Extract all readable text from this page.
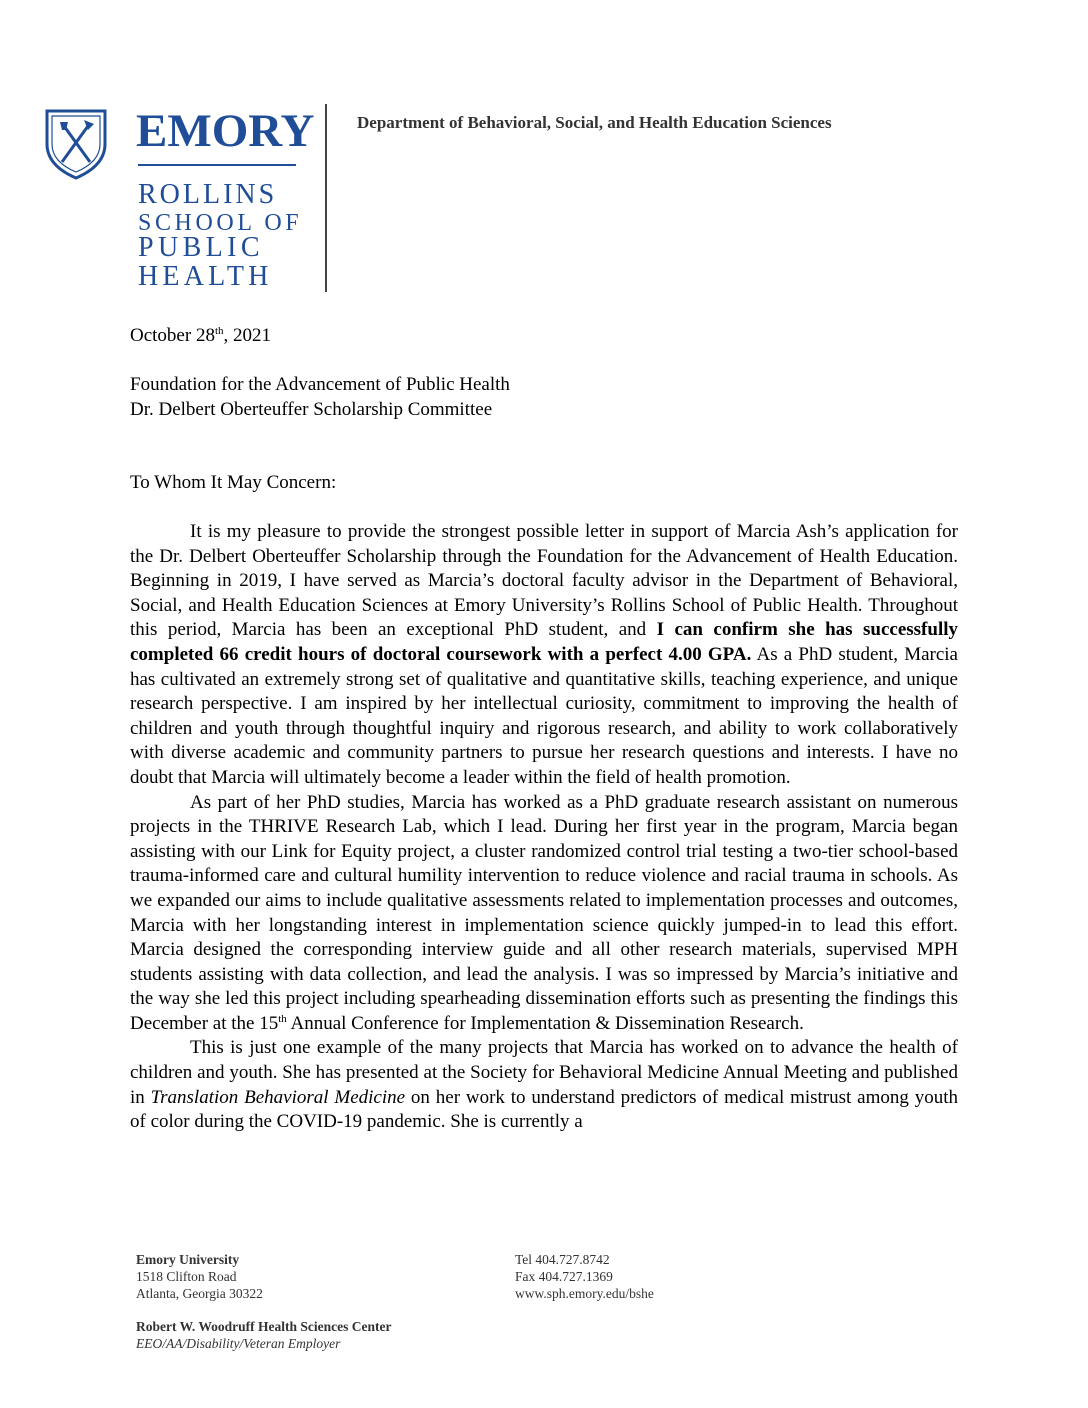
EMORY

ROLLINS

SCHOOL OF

PUBLIC

HEALTH

Department of Behavioral, Social, and Health Education Sciences

October 28th, 2021

Foundation for the Advancement of Public Health
Dr. Delbert Oberteuffer Scholarship Committee

To Whom It May Concern:

It is my pleasure to provide the strongest possible letter in support of Marcia Ash’s application for the Dr. Delbert Oberteuffer Scholarship through the Foundation for the Advancement of Health Education. Beginning in 2019, I have served as Marcia’s doctoral faculty advisor in the Department of Behavioral, Social, and Health Education Sciences at Emory University’s Rollins School of Public Health. Throughout this period, Marcia has been an exceptional PhD student, and I can confirm she has successfully completed 66 credit hours of doctoral coursework with a perfect 4.00 GPA. As a PhD student, Marcia has cultivated an extremely strong set of qualitative and quantitative skills, teaching experience, and unique research perspective. I am inspired by her intellectual curiosity, commitment to improving the health of children and youth through thoughtful inquiry and rigorous research, and ability to work collaboratively with diverse academic and community partners to pursue her research questions and interests. I have no doubt that Marcia will ultimately become a leader within the field of health promotion.

As part of her PhD studies, Marcia has worked as a PhD graduate research assistant on numerous projects in the THRIVE Research Lab, which I lead. During her first year in the program, Marcia began assisting with our Link for Equity project, a cluster randomized control trial testing a two-tier school-based trauma-informed care and cultural humility intervention to reduce violence and racial trauma in schools. As we expanded our aims to include qualitative assessments related to implementation processes and outcomes, Marcia with her longstanding interest in implementation science quickly jumped-in to lead this effort. Marcia designed the corresponding interview guide and all other research materials, supervised MPH students assisting with data collection, and lead the analysis. I was so impressed by Marcia’s initiative and the way she led this project including spearheading dissemination efforts such as presenting the findings this December at the 15th Annual Conference for Implementation & Dissemination Research.

This is just one example of the many projects that Marcia has worked on to advance the health of children and youth. She has presented at the Society for Behavioral Medicine Annual Meeting and published in Translation Behavioral Medicine on her work to understand predictors of medical mistrust among youth of color during the COVID-19 pandemic. She is currently a

Emory University
1518 Clifton Road
Atlanta, Georgia 30322
Tel 404.727.8742
Fax 404.727.1369
www.sph.emory.edu/bshe
Robert W. Woodruff Health Sciences Center
EEO/AA/Disability/Veteran Employer
